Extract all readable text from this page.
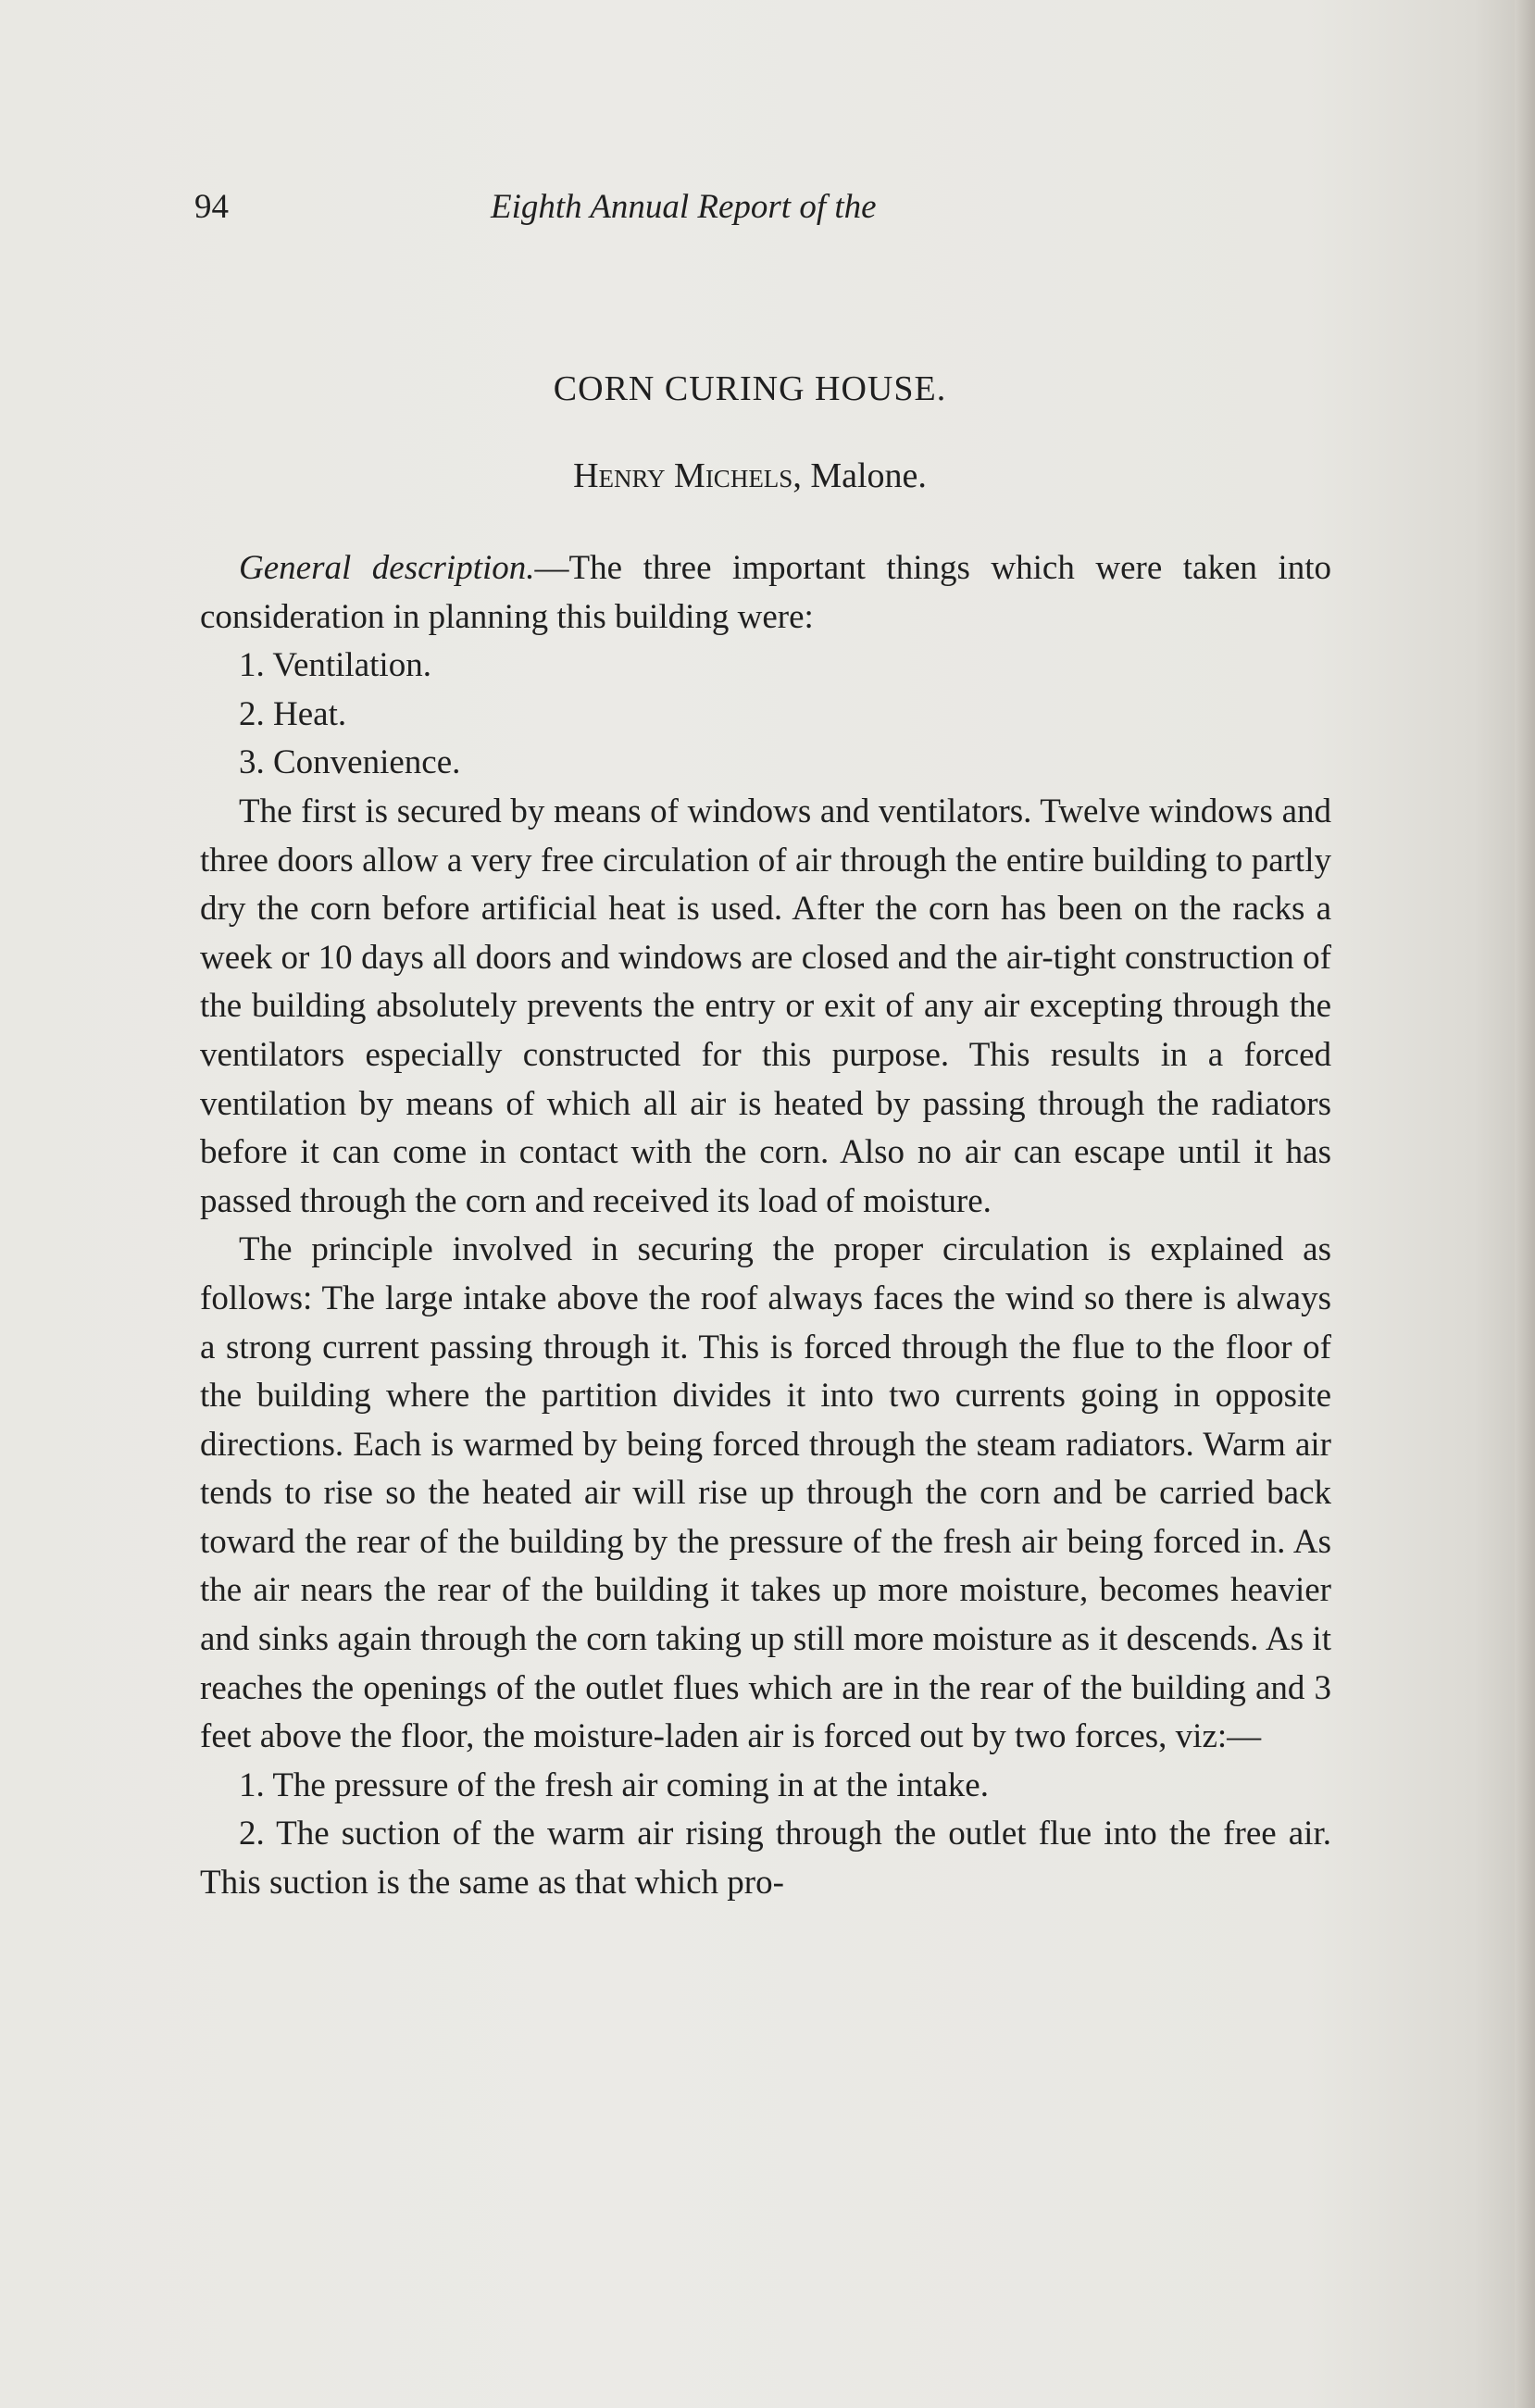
94	Eighth Annual Report of the
CORN CURING HOUSE.
Henry Michels, Malone.

General description.—The three important things which were taken into consideration in planning this building were:

1. Ventilation.

2. Heat.

3. Convenience.

The first is secured by means of windows and ventilators. Twelve windows and three doors allow a very free circulation of air through the entire building to partly dry the corn before artificial heat is used. After the corn has been on the racks a week or 10 days all doors and windows are closed and the air-tight construction of the building absolutely prevents the entry or exit of any air excepting through the ventilators especially constructed for this purpose. This results in a forced ventilation by means of which all air is heated by passing through the radiators before it can come in contact with the corn. Also no air can escape until it has passed through the corn and received its load of moisture.

The principle involved in securing the proper circulation is explained as follows: The large intake above the roof always faces the wind so there is always a strong current passing through it. This is forced through the flue to the floor of the building where the partition divides it into two currents going in opposite directions. Each is warmed by being forced through the steam radiators. Warm air tends to rise so the heated air will rise up through the corn and be carried back toward the rear of the building by the pressure of the fresh air being forced in. As the air nears the rear of the building it takes up more moisture, becomes heavier and sinks again through the corn taking up still more moisture as it descends. As it reaches the openings of the outlet flues which are in the rear of the building and 3 feet above the floor, the moisture-laden air is forced out by two forces, viz:—

1. The pressure of the fresh air coming in at the intake.

2. The suction of the warm air rising through the outlet flue into the free air. This suction is the same as that which pro-
